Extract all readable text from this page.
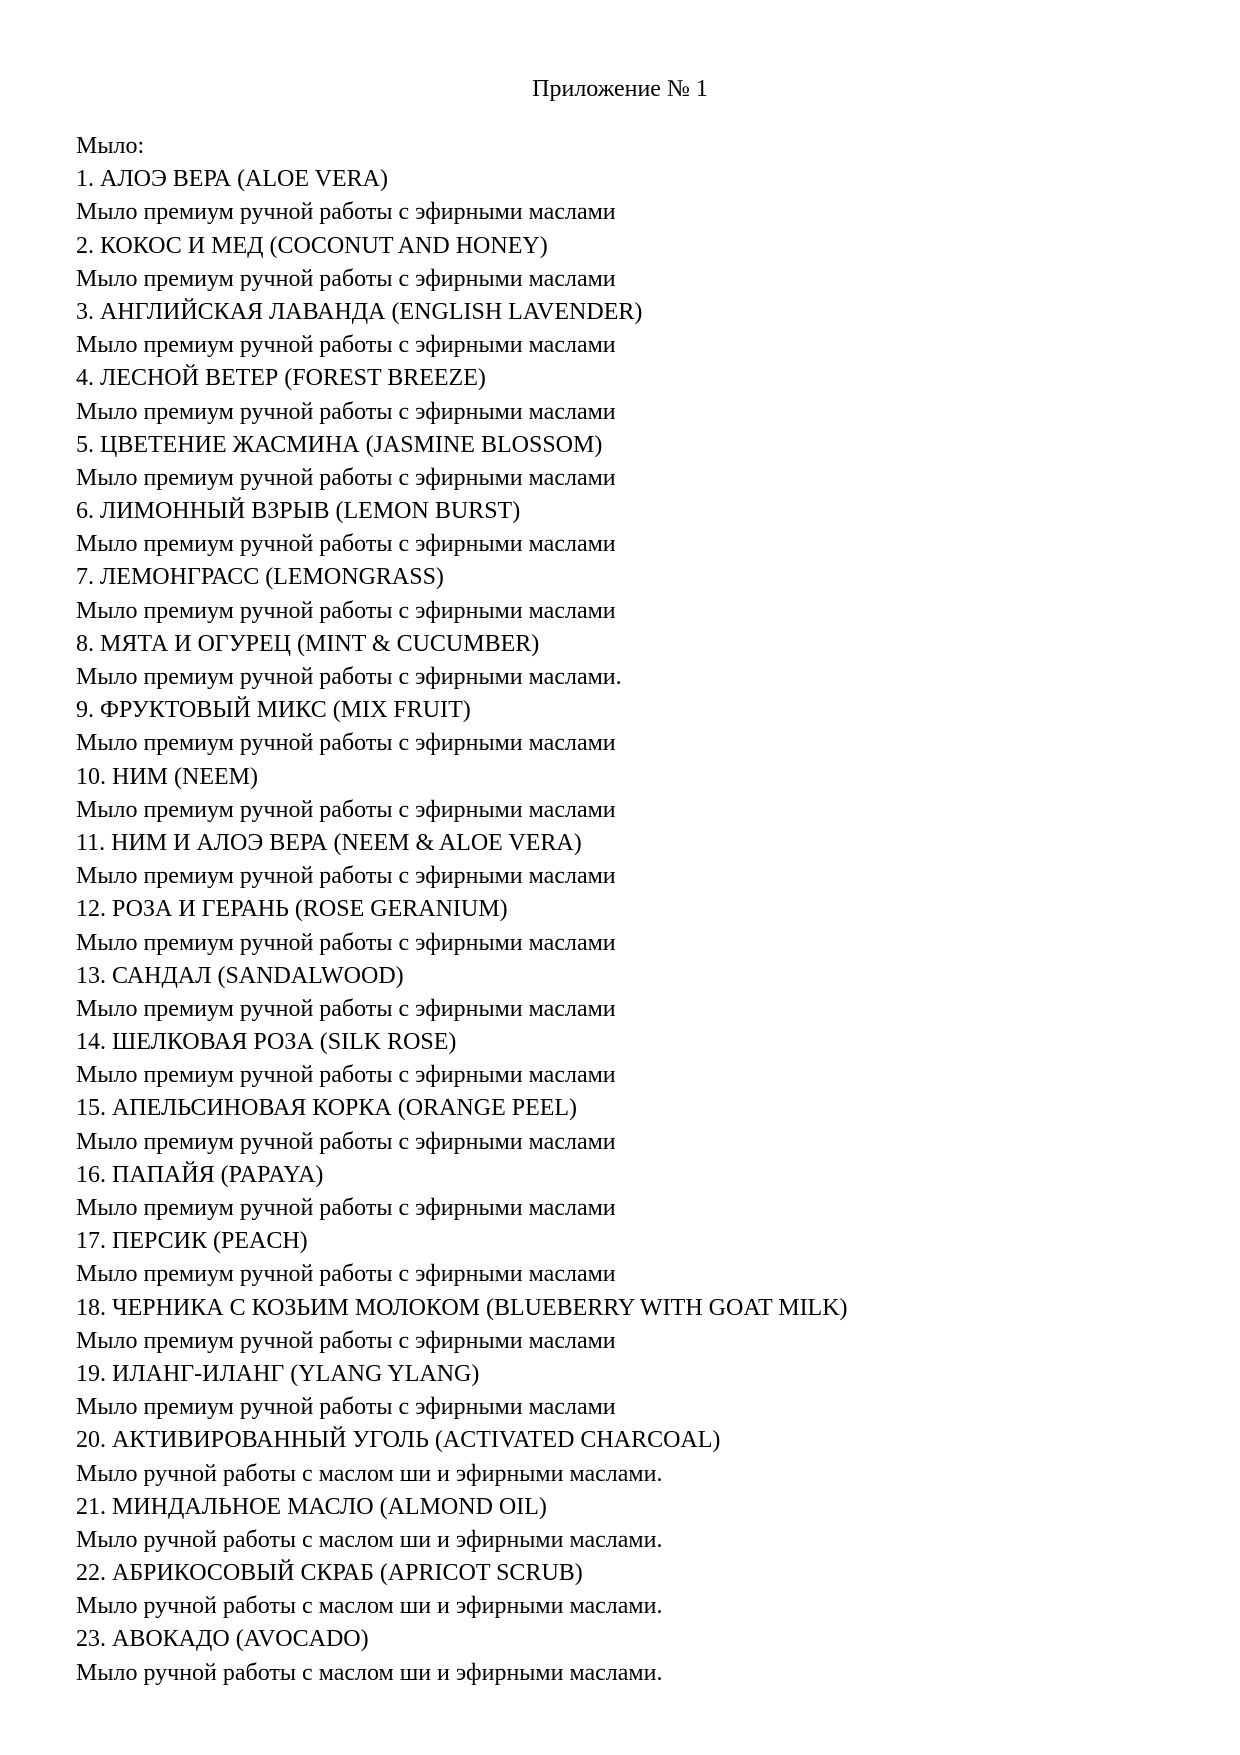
Приложение № 1
Мыло:
1. АЛОЭ ВЕРА (ALOE VERA)
Мыло премиум ручной работы с эфирными маслами
2. КОКОС И МЕД (COCONUT AND HONEY)
Мыло премиум ручной работы с эфирными маслами
3. АНГЛИЙСКАЯ ЛАВАНДА (ENGLISH LAVENDER)
Мыло премиум ручной работы с эфирными маслами
4. ЛЕСНОЙ ВЕТЕР (FOREST BREEZE)
Мыло премиум ручной работы с эфирными маслами
5. ЦВЕТЕНИЕ ЖАСМИНА (JASMINE BLOSSOM)
Мыло премиум ручной работы с эфирными маслами
6. ЛИМОННЫЙ ВЗРЫВ (LEMON BURST)
Мыло премиум ручной работы с эфирными маслами
7. ЛЕМОНГРАСС (LEMONGRASS)
Мыло премиум ручной работы с эфирными маслами
8. МЯТА И ОГУРЕЦ (MINT & CUCUMBER)
Мыло премиум ручной работы с эфирными маслами.
9. ФРУКТОВЫЙ МИКС (MIX FRUIT)
Мыло премиум ручной работы с эфирными маслами
10. НИМ (NEEM)
Мыло премиум ручной работы с эфирными маслами
11. НИМ И АЛОЭ ВЕРА (NEEM & ALOE VERA)
Мыло премиум ручной работы с эфирными маслами
12. РОЗА И ГЕРАНЬ (ROSE GERANIUM)
Мыло премиум ручной работы с эфирными маслами
13. САНДАЛ (SANDALWOOD)
Мыло премиум ручной работы с эфирными маслами
14. ШЕЛКОВАЯ РОЗА (SILK ROSE)
Мыло премиум ручной работы с эфирными маслами
15. АПЕЛЬСИНОВАЯ КОРКА (ORANGE PEEL)
Мыло премиум ручной работы с эфирными маслами
16. ПАПАЙЯ (PAPAYA)
Мыло премиум ручной работы с эфирными маслами
17. ПЕРСИК (PEACH)
Мыло премиум ручной работы с эфирными маслами
18. ЧЕРНИКА С КОЗЬИМ МОЛОКОМ (BLUEBERRY WITH GOAT MILK)
Мыло премиум ручной работы с эфирными маслами
19. ИЛАНГ-ИЛАНГ (YLANG YLANG)
Мыло премиум ручной работы с эфирными маслами
20. АКТИВИРОВАННЫЙ УГОЛЬ (ACTIVATED CHARCOAL)
Мыло ручной работы с маслом ши и эфирными маслами.
21. МИНДАЛЬНОЕ МАСЛО (ALMOND OIL)
Мыло ручной работы с маслом ши и эфирными маслами.
22. АБРИКОСОВЫЙ СКРАБ (APRICOT SCRUB)
Мыло ручной работы с маслом ши и эфирными маслами.
23. АВОКАДО (AVOCADO)
Мыло ручной работы с маслом ши и эфирными маслами.
